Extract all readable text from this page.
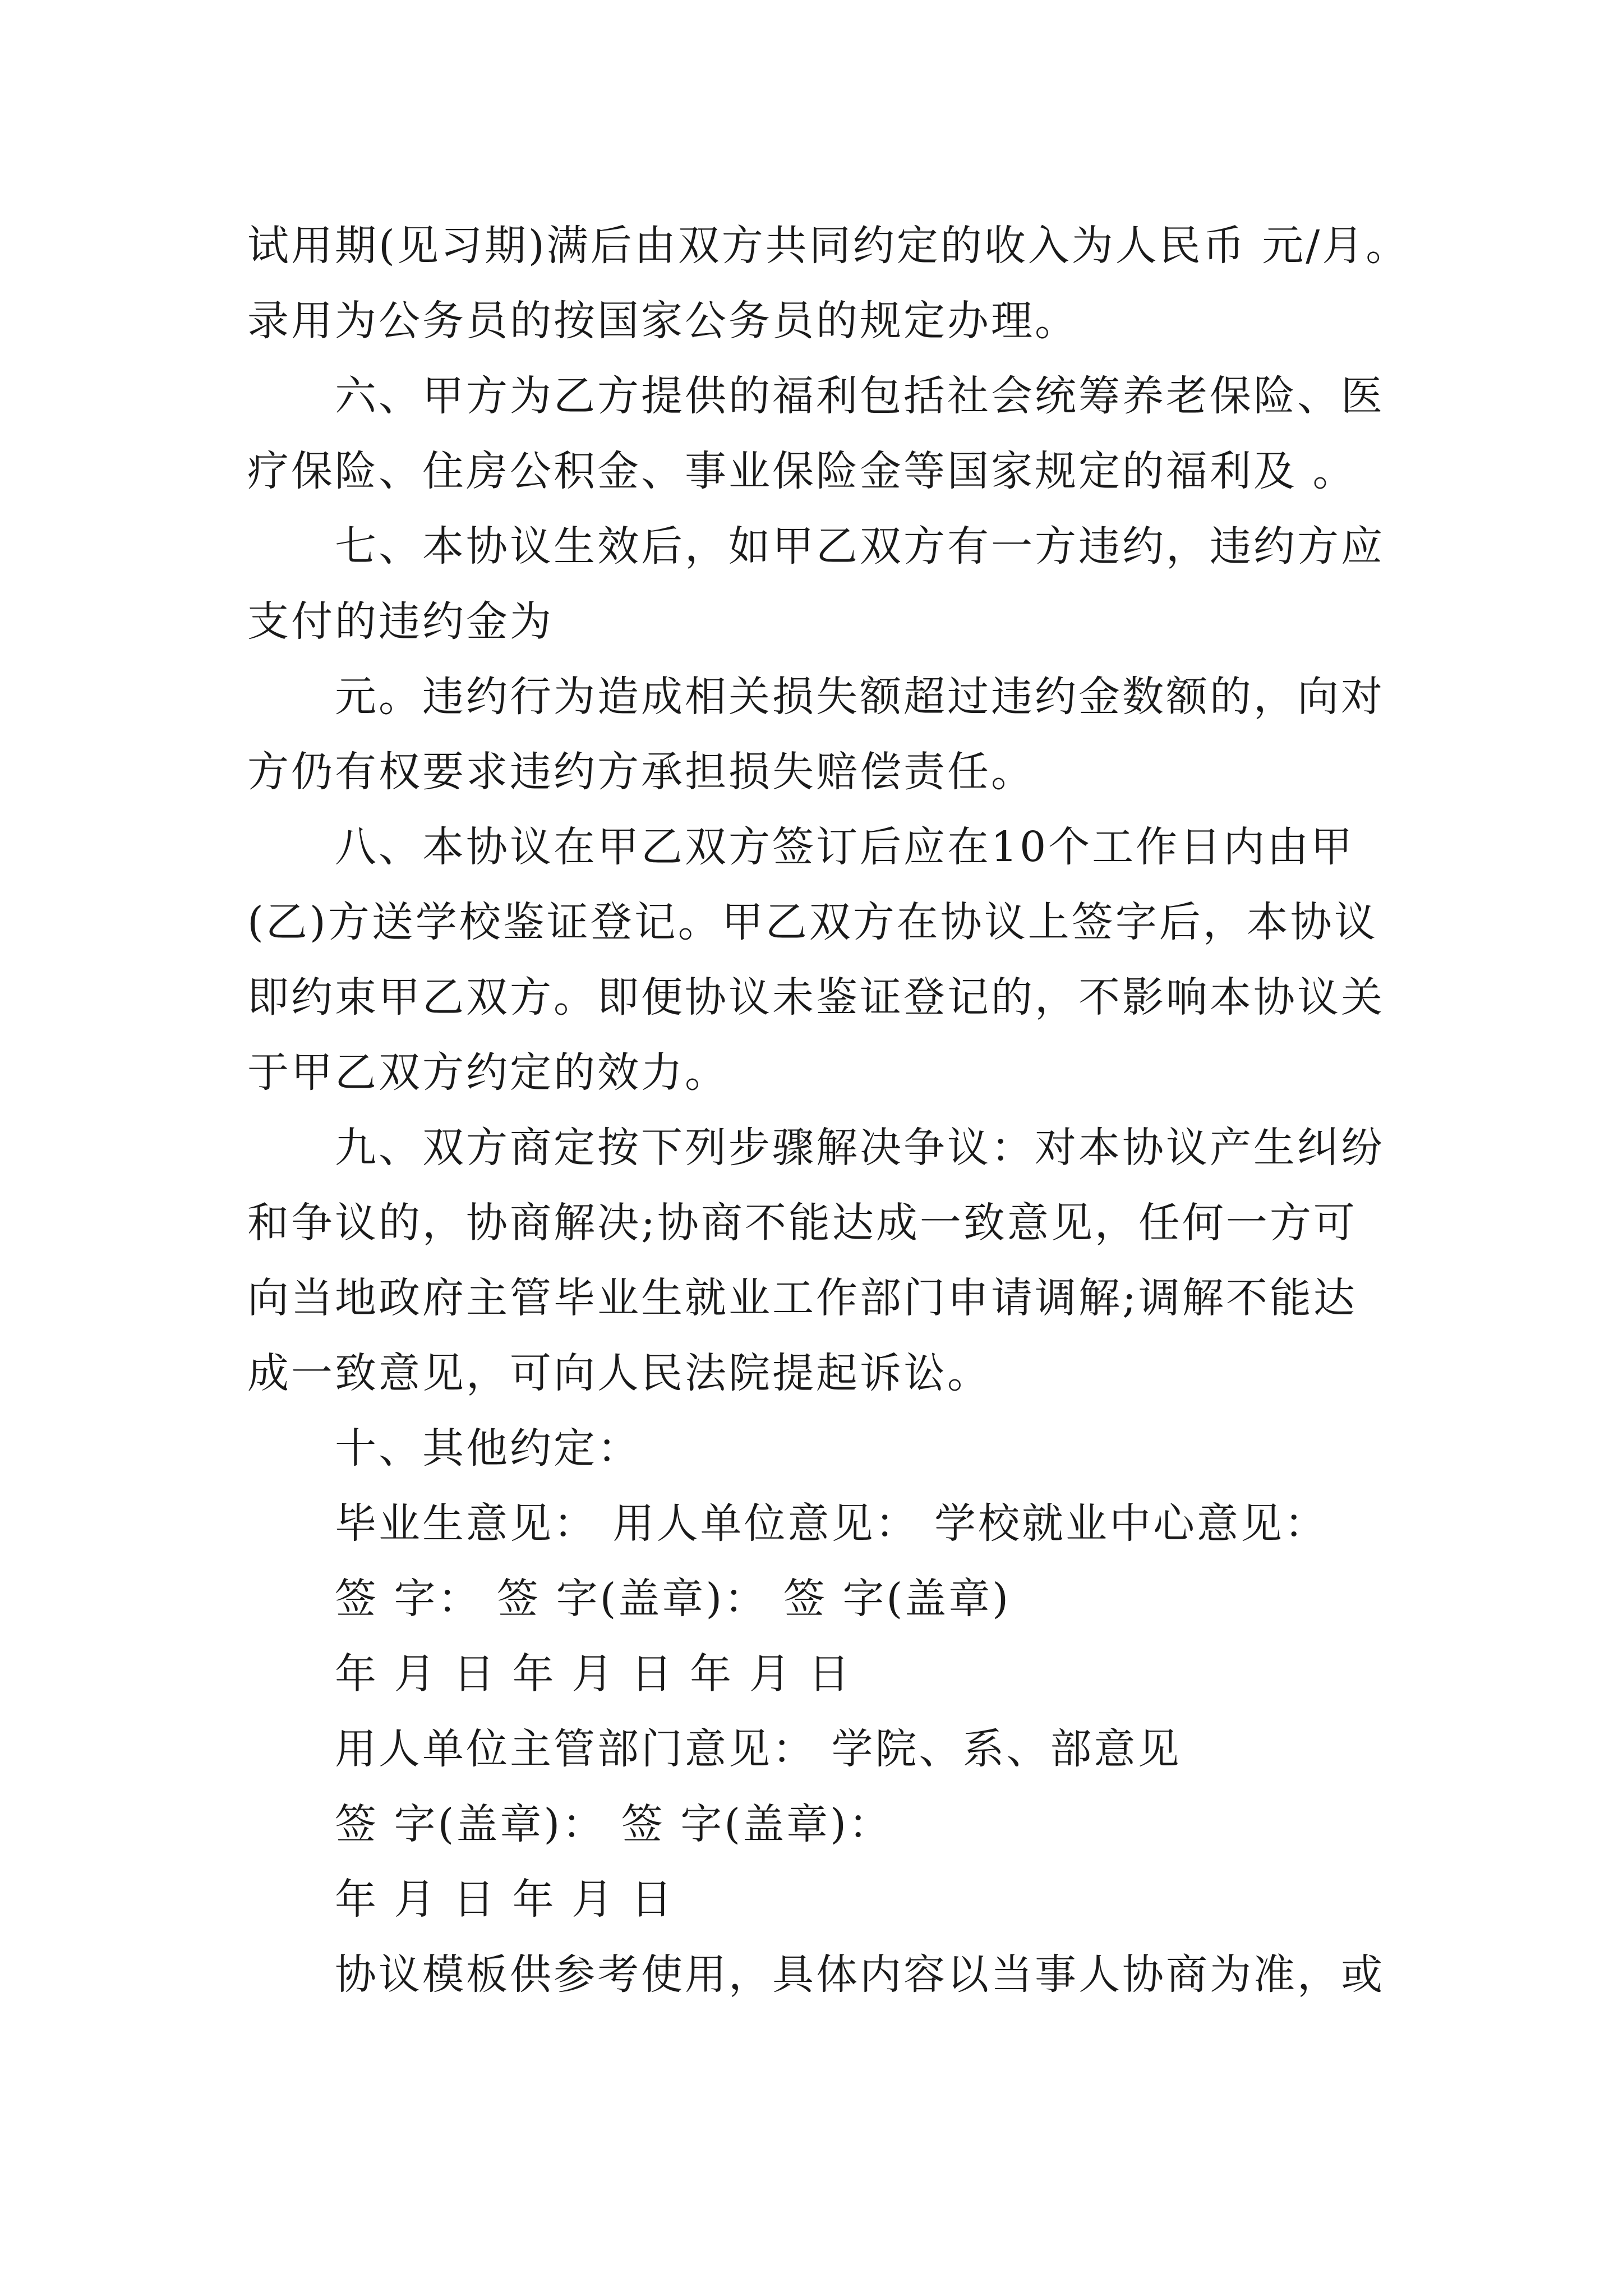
试用期(见习期)满后由双方共同约定的收入为人民币 元/月。

录用为公务员的按国家公务员的规定办理。

六、甲方为乙方提供的福利包括社会统筹养老保险、医

疗保险、住房公积金、事业保险金等国家规定的福利及 。

七、本协议生效后，如甲乙双方有一方违约，违约方应

支付的违约金为

元。违约行为造成相关损失额超过违约金数额的，向对

方仍有权要求违约方承担损失赔偿责任。

八、本协议在甲乙双方签订后应在10个工作日内由甲

(乙)方送学校鉴证登记。甲乙双方在协议上签字后，本协议

即约束甲乙双方。即便协议未鉴证登记的，不影响本协议关

于甲乙双方约定的效力。

九、双方商定按下列步骤解决争议：对本协议产生纠纷

和争议的，协商解决;协商不能达成一致意见，任何一方可

向当地政府主管毕业生就业工作部门申请调解;调解不能达

成一致意见，可向人民法院提起诉讼。

十、其他约定：

毕业生意见： 用人单位意见： 学校就业中心意见：

签 字： 签 字(盖章)： 签 字(盖章)

年 月 日 年 月 日 年 月 日

用人单位主管部门意见： 学院、系、部意见

签 字(盖章)： 签 字(盖章)：

年 月 日 年 月 日

协议模板供参考使用，具体内容以当事人协商为准，或
